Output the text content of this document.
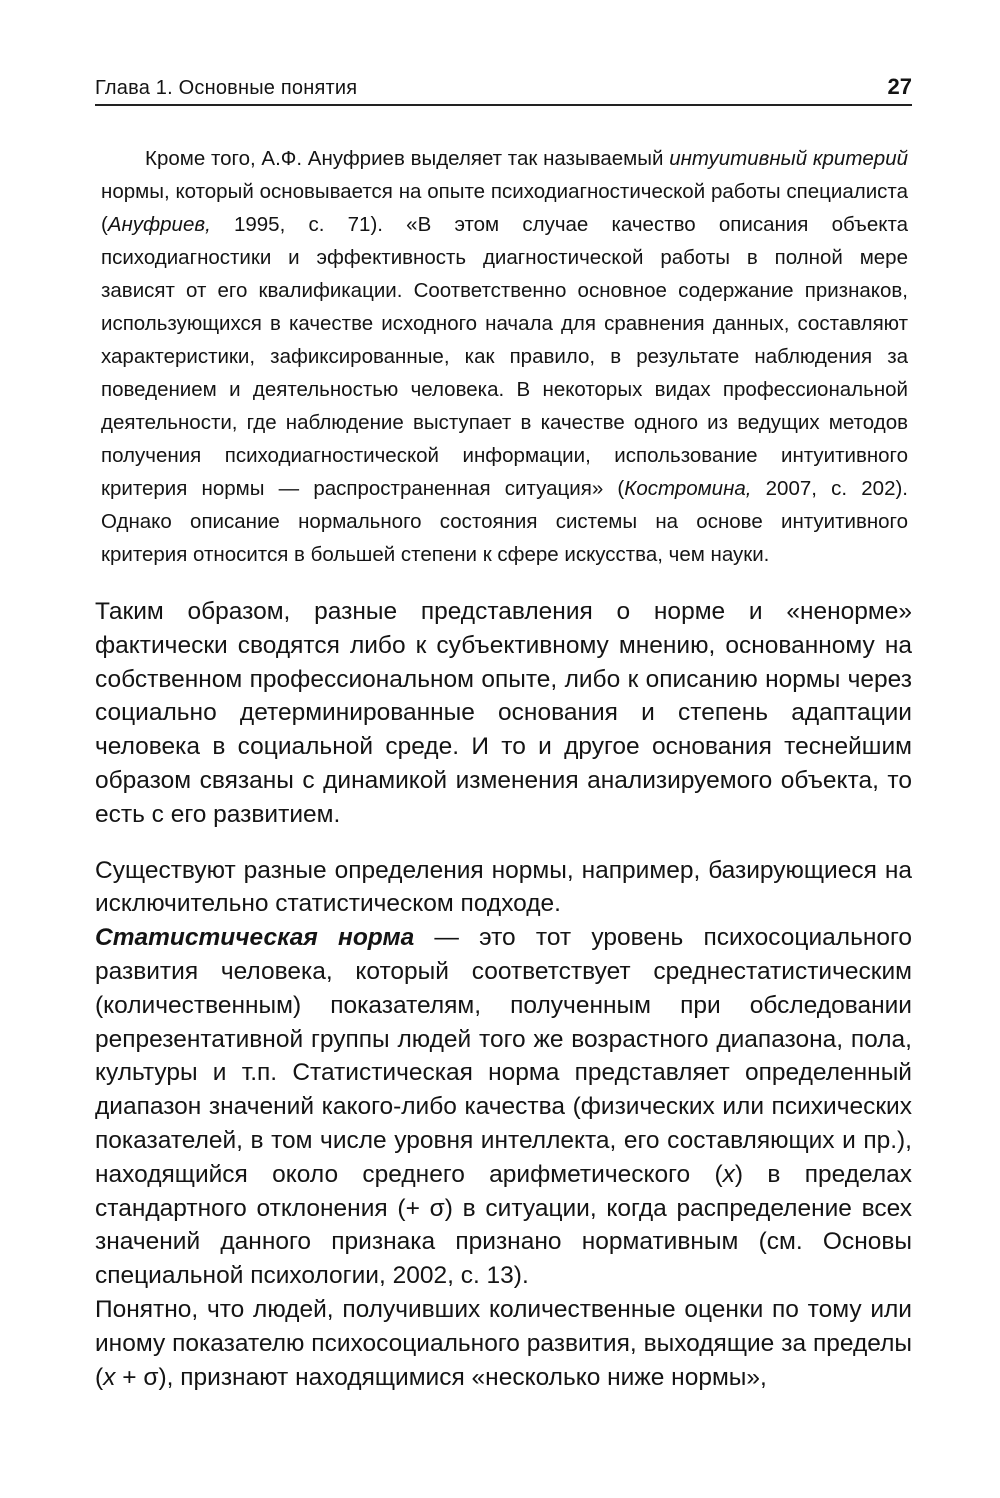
Глава 1. Основные понятия	27

Кроме того, А.Ф. Ануфриев выделяет так называемый интуитивный критерий нормы, который основывается на опыте психодиагностической работы специалиста (Ануфриев, 1995, с. 71). «В этом случае качество описания объекта психодиагностики и эффективность диагностической работы в полной мере зависят от его квалификации. Соответственно основное содержание признаков, использующихся в качестве исходного начала для сравнения данных, составляют характеристики, зафиксированные, как правило, в результате наблюдения за поведением и деятельностью человека. В некоторых видах профессиональной деятельности, где наблюдение выступает в качестве одного из ведущих методов получения психодиагностической информации, использование интуитивного критерия нормы — распространенная ситуация» (Костромина, 2007, с. 202). Однако описание нормального состояния системы на основе интуитивного критерия относится в большей степени к сфере искусства, чем науки.

Таким образом, разные представления о норме и «ненорме» фактически сводятся либо к субъективному мнению, основанному на собственном профессиональном опыте, либо к описанию нормы через социально детерминированные основания и степень адаптации человека в социальной среде. И то и другое основания теснейшим образом связаны с динамикой изменения анализируемого объекта, то есть с его развитием.

Существуют разные определения нормы, например, базирующиеся на исключительно статистическом подходе.

Статистическая норма — это тот уровень психосоциального развития человека, который соответствует среднестатистическим (количественным) показателям, полученным при обследовании репрезентативной группы людей того же возрастного диапазона, пола, культуры и т.п. Статистическая норма представляет определенный диапазон значений какого-либо качества (физических или психических показателей, в том числе уровня интеллекта, его составляющих и пр.), находящийся около среднего арифметического (x) в пределах стандартного отклонения (+ σ) в ситуации, когда распределение всех значений данного признака признано нормативным (см. Основы специальной психологии, 2002, с. 13).

Понятно, что людей, получивших количественные оценки по тому или иному показателю психосоциального развития, выходящие за пределы (x + σ), признают находящимися «несколько ниже нормы»,
